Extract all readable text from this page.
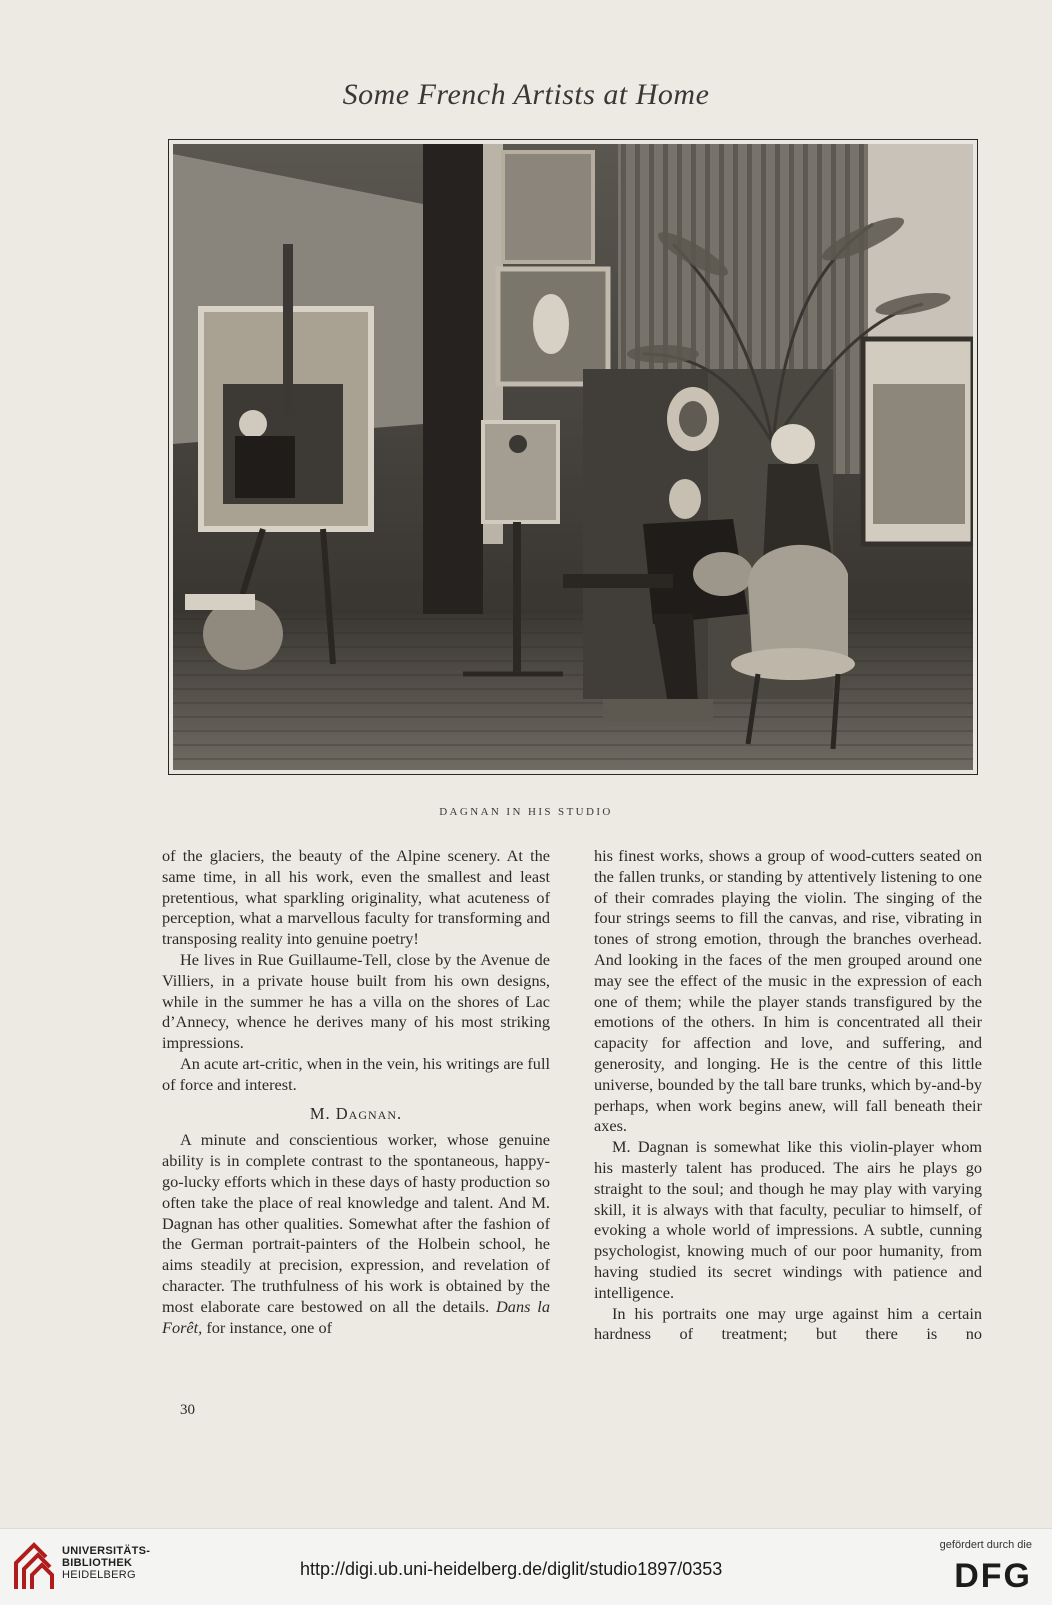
Some French Artists at Home
DAGNAN IN HIS STUDIO

of the glaciers, the beauty of the Alpine scenery. At the same time, in all his work, even the smallest and least pretentious, what sparkling originality, what acuteness of perception, what a marvellous faculty for transforming and transposing reality into genuine poetry!

He lives in Rue Guillaume-Tell, close by the Avenue de Villiers, in a private house built from his own designs, while in the summer he has a villa on the shores of Lac d’Annecy, whence he derives many of his most striking impressions.

An acute art-critic, when in the vein, his writings are full of force and interest.

M. Dagnan.

A minute and conscientious worker, whose genuine ability is in complete contrast to the spontaneous, happy-go-lucky efforts which in these days of hasty production so often take the place of real knowledge and talent. And M. Dagnan has other qualities. Somewhat after the fashion of the German portrait-painters of the Holbein school, he aims steadily at precision, expression, and revelation of character. The truthfulness of his work is obtained by the most elaborate care bestowed on all the details. Dans la Forêt, for instance, one of

his finest works, shows a group of wood-cutters seated on the fallen trunks, or standing by attentively listening to one of their comrades playing the violin. The singing of the four strings seems to fill the canvas, and rise, vibrating in tones of strong emotion, through the branches overhead. And looking in the faces of the men grouped around one may see the effect of the music in the expression of each one of them; while the player stands transfigured by the emotions of the others. In him is concentrated all their capacity for affection and love, and suffering, and generosity, and longing. He is the centre of this little universe, bounded by the tall bare trunks, which by-and-by perhaps, when work begins anew, will fall beneath their axes.

M. Dagnan is somewhat like this violin-player whom his masterly talent has produced. The airs he plays go straight to the soul; and though he may play with varying skill, it is always with that faculty, peculiar to himself, of evoking a whole world of impressions. A subtle, cunning psychologist, knowing much of our poor humanity, from having studied its secret windings with patience and intelligence.

In his portraits one may urge against him a certain hardness of treatment; but there is no

30
UNIVERSITÄTS-
BIBLIOTHEK
HEIDELBERG	http://digi.ub.uni-heidelberg.de/diglit/studio1897/0353
gefördert durch die
DFG
